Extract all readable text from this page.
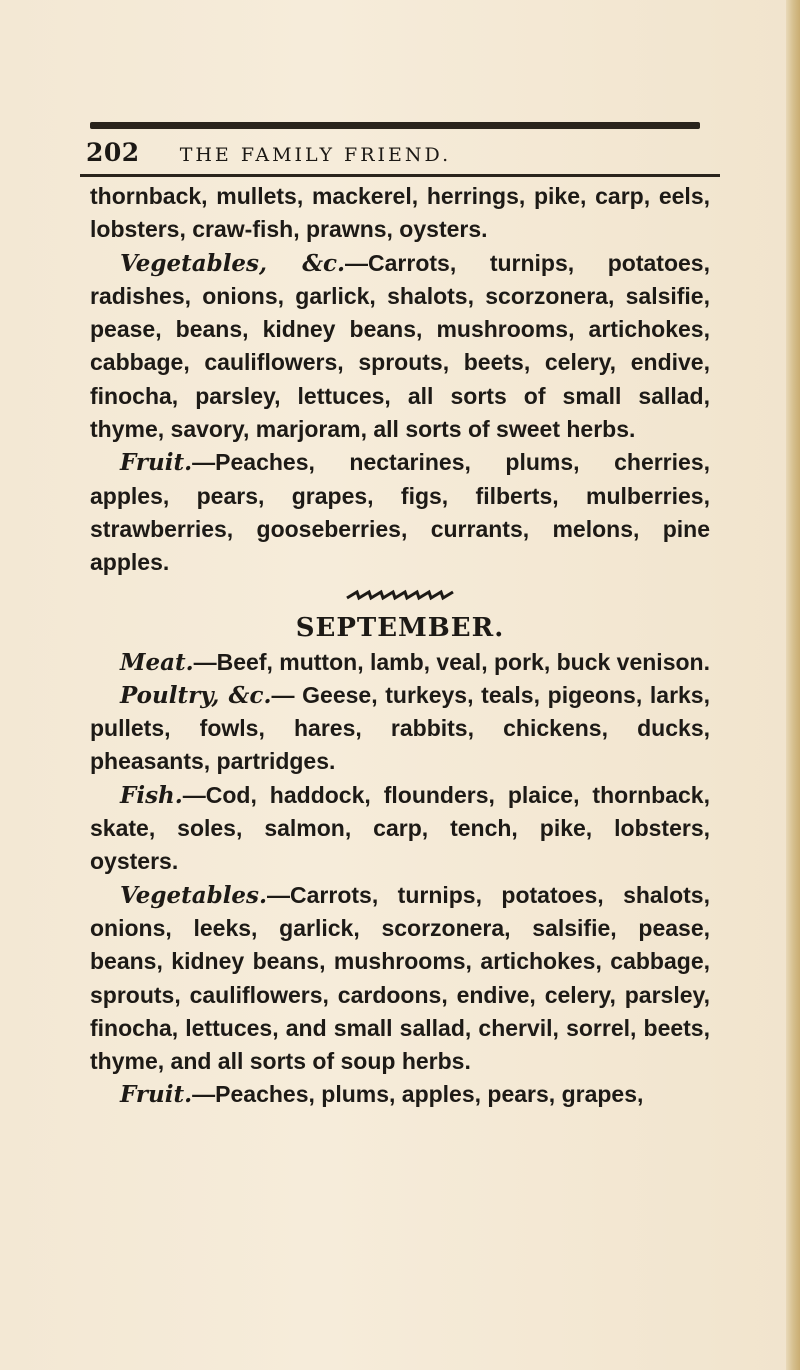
202 THE FAMILY FRIEND.

thornback, mullets, mackerel, herrings, pike, carp, eels, lobsters, craw-fish, prawns, oysters.

Vegetables, &c.—Carrots, turnips, potatoes, radishes, onions, garlick, shalots, scorzonera, salsifie, pease, beans, kidney beans, mushrooms, artichokes, cabbage, cauliflowers, sprouts, beets, celery, endive, finocha, parsley, lettuces, all sorts of small sallad, thyme, savory, marjoram, all sorts of sweet herbs.

Fruit.—Peaches, nectarines, plums, cherries, apples, pears, grapes, figs, filberts, mulberries, strawberries, gooseberries, currants, melons, pine apples.

SEPTEMBER.

Meat.—Beef, mutton, lamb, veal, pork, buck venison.

Poultry, &c.— Geese, turkeys, teals, pigeons, larks, pullets, fowls, hares, rabbits, chickens, ducks, pheasants, partridges.

Fish.—Cod, haddock, flounders, plaice, thornback, skate, soles, salmon, carp, tench, pike, lobsters, oysters.

Vegetables.—Carrots, turnips, potatoes, shalots, onions, leeks, garlick, scorzonera, salsifie, pease, beans, kidney beans, mushrooms, artichokes, cabbage, sprouts, cauliflowers, cardoons, endive, celery, parsley, finocha, lettuces, and small sallad, chervil, sorrel, beets, thyme, and all sorts of soup herbs.

Fruit.—Peaches, plums, apples, pears, grapes,
